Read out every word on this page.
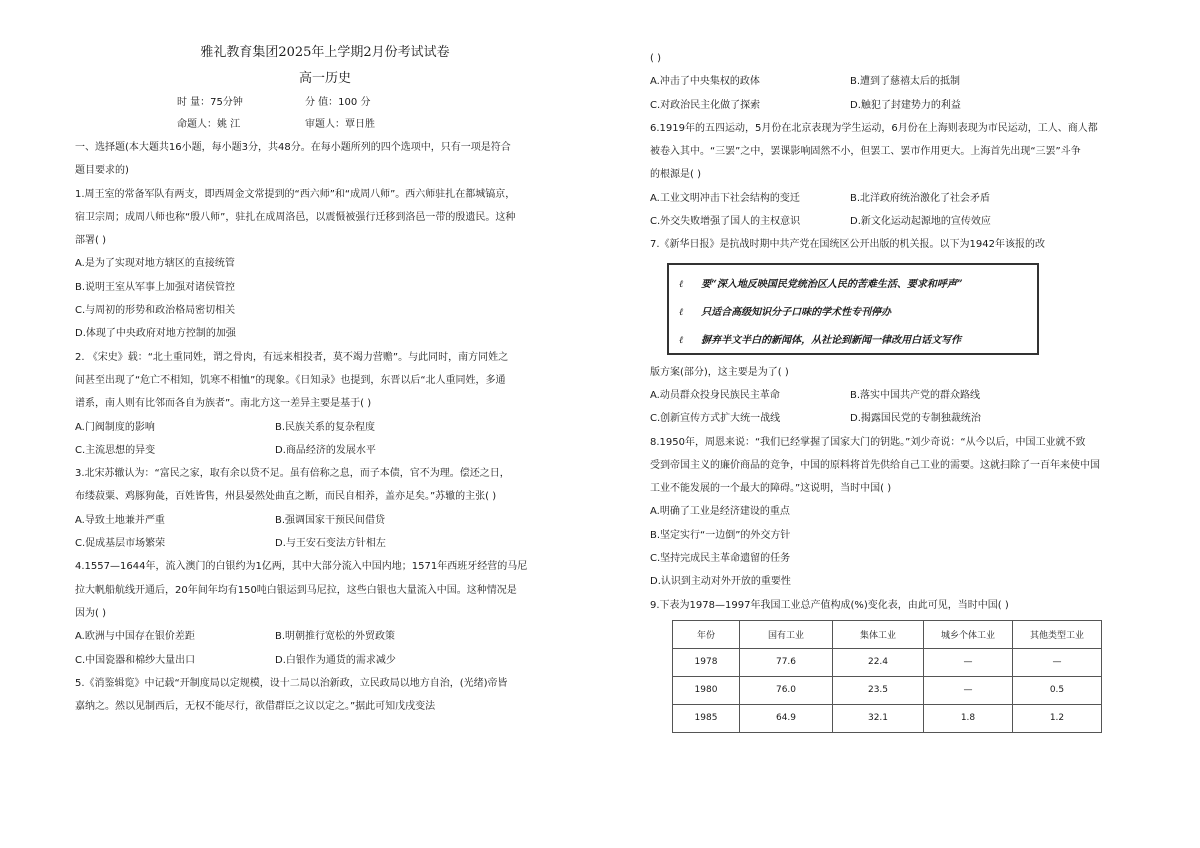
雅礼教育集团2025年上学期2月份考试试卷
高一历史
时 量：75分钟	分 值：100 分
命题人：姚 江	审题人：覃日胜
一、选择题(本大题共16小题，每小题3分，共48分。在每小题所列的四个选项中，只有一项是符合
题目要求的)
1.周王室的常备军队有两支，即西周金文常提到的“西六师”和“成周八师”。西六师驻扎在都城镐京，
宿卫宗周；成周八师也称“殷八师”，驻扎在成周洛邑，以震慑被强行迁移到洛邑一带的殷遗民。这种
部署( )
A.是为了实现对地方辖区的直接统管
B.说明王室从军事上加强对诸侯管控
C.与周初的形势和政治格局密切相关
D.体现了中央政府对地方控制的加强
2. 《宋史》载：“北土重同姓，谓之骨肉，有远来相投者，莫不竭力营赡”。与此同时，南方同姓之
间甚至出现了“危亡不相知，饥寒不相恤”的现象。《日知录》也提到，东晋以后“北人重同姓，多通
谱系，南人则有比邻而各自为族者”。南北方这一差异主要是基于( )
A.门阀制度的影响	B.民族关系的复杂程度
C.主流思想的异变	D.商品经济的发展水平
3.北宋苏辙认为：“富民之家，取有余以贷不足。虽有倍称之息，而子本债，官不为理。偿还之日，
布缕菽粟、鸡豚狗彘，百姓皆售，州县晏然处曲直之断，而民自相养，盖亦足矣。”苏辙的主张( )
A.导致土地兼并严重	B.强调国家干预民间借贷
C.促成基层市场繁荣	D.与王安石变法方针相左
4.1557—1644年，流入澳门的白银约为1亿两，其中大部分流入中国内地；1571年西班牙经营的马尼
拉大帆船航线开通后，20年间年均有150吨白银运到马尼拉，这些白银也大量流入中国。这种情况是
因为( )
A.欧洲与中国存在银价差距	B.明朝推行宽松的外贸政策
C.中国瓷器和棉纱大量出口	D.白银作为通货的需求减少
5.《消鉴辑览》中记载“开制度局以定规模，设十二局以治新政，立民政局以地方自治，(光绪)帝皆
嘉纳之。然以见制西后，无权不能尽行，欲借群臣之议以定之。”据此可知戊戌变法
( )
A.冲击了中央集权的政体	B.遭到了慈禧太后的抵制
C.对政治民主化做了探索	D.触犯了封建势力的利益
6.1919年的五四运动，5月份在北京表现为学生运动，6月份在上海则表现为市民运动，工人、商人都
被卷入其中。“三罢”之中，罢课影响固然不小，但罢工、罢市作用更大。上海首先出现“三罢”斗争
的根源是( )
A.工业文明冲击下社会结构的变迁	B.北洋政府统治激化了社会矛盾
C.外交失败增强了国人的主权意识	D.新文化运动起源地的宣传效应
7.《新华日报》是抗战时期中共产党在国统区公开出版的机关报。以下为1942年该报的改
ℓ 要“深入地反映国民党统治区人民的苦难生活、要求和呼声”
ℓ 只适合高级知识分子口味的学术性专刊停办
ℓ 摒弃半文半白的新闻体，从社论到新闻一律改用白话文写作
版方案(部分)，这主要是为了( )
A.动员群众投身民族民主革命	B.落实中国共产党的群众路线
C.创新宣传方式扩大统一战线	D.揭露国民党的专制独裁统治
8.1950年，周恩来说：“我们已经掌握了国家大门的钥匙。”刘少奇说：“从今以后，中国工业就不致
受到帝国主义的廉价商品的竞争，中国的原料将首先供给自己工业的需要。这就扫除了一百年来使中国
工业不能发展的一个最大的障碍。”这说明，当时中国( )
A.明确了工业是经济建设的重点
B.坚定实行“一边倒”的外交方针
C.坚持完成民主革命遗留的任务
D.认识到主动对外开放的重要性
9.下表为1978—1997年我国工业总产值构成(%)变化表，由此可见，当时中国( )
年份	国有工业	集体工业	城乡个体工业	其他类型工业
1978	77.6	22.4	—	—
1980	76.0	23.5	—	0.5
1985	64.9	32.1	1.8	1.2
